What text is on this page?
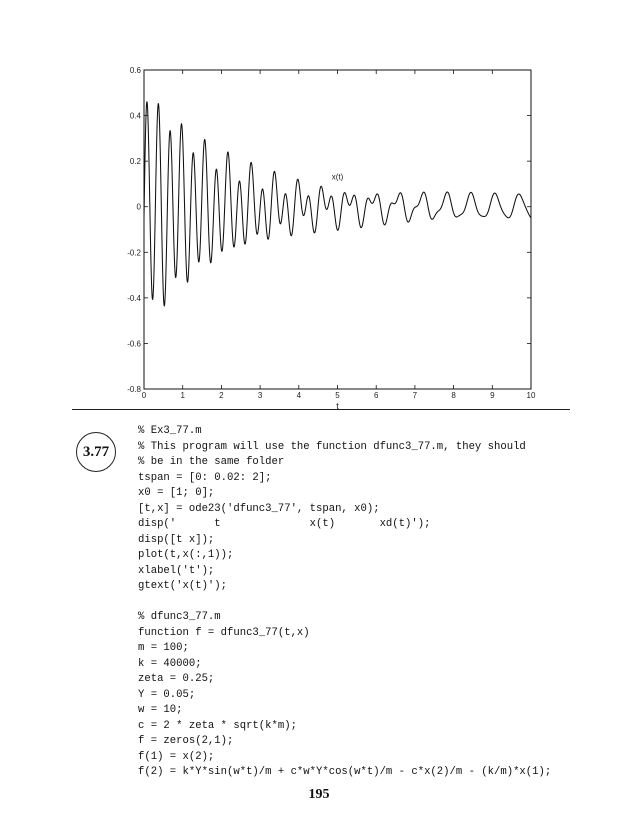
0	1	2	3	4	5	6	7	8	9	10
0.6
0.4
0.2
0
-0.2
-0.4
-0.6
-0.8
x(t)
t
3.77
% Ex3_77.m
% This program will use the function dfunc3_77.m, they should
% be in the same folder
tspan = [0: 0.02: 2];
x0 = [1; 0];
[t,x] = ode23('dfunc3_77', tspan, x0);
disp('      t              x(t)       xd(t)');
disp([t x]);
plot(t,x(:,1));
xlabel('t');
gtext('x(t)');
% dfunc3_77.m
function f = dfunc3_77(t,x)
m = 100;
k = 40000;
zeta = 0.25;
Y = 0.05;
w = 10;
c = 2 * zeta * sqrt(k*m);
f = zeros(2,1);
f(1) = x(2);
f(2) = k*Y*sin(w*t)/m + c*w*Y*cos(w*t)/m - c*x(2)/m - (k/m)*x(1);
195
